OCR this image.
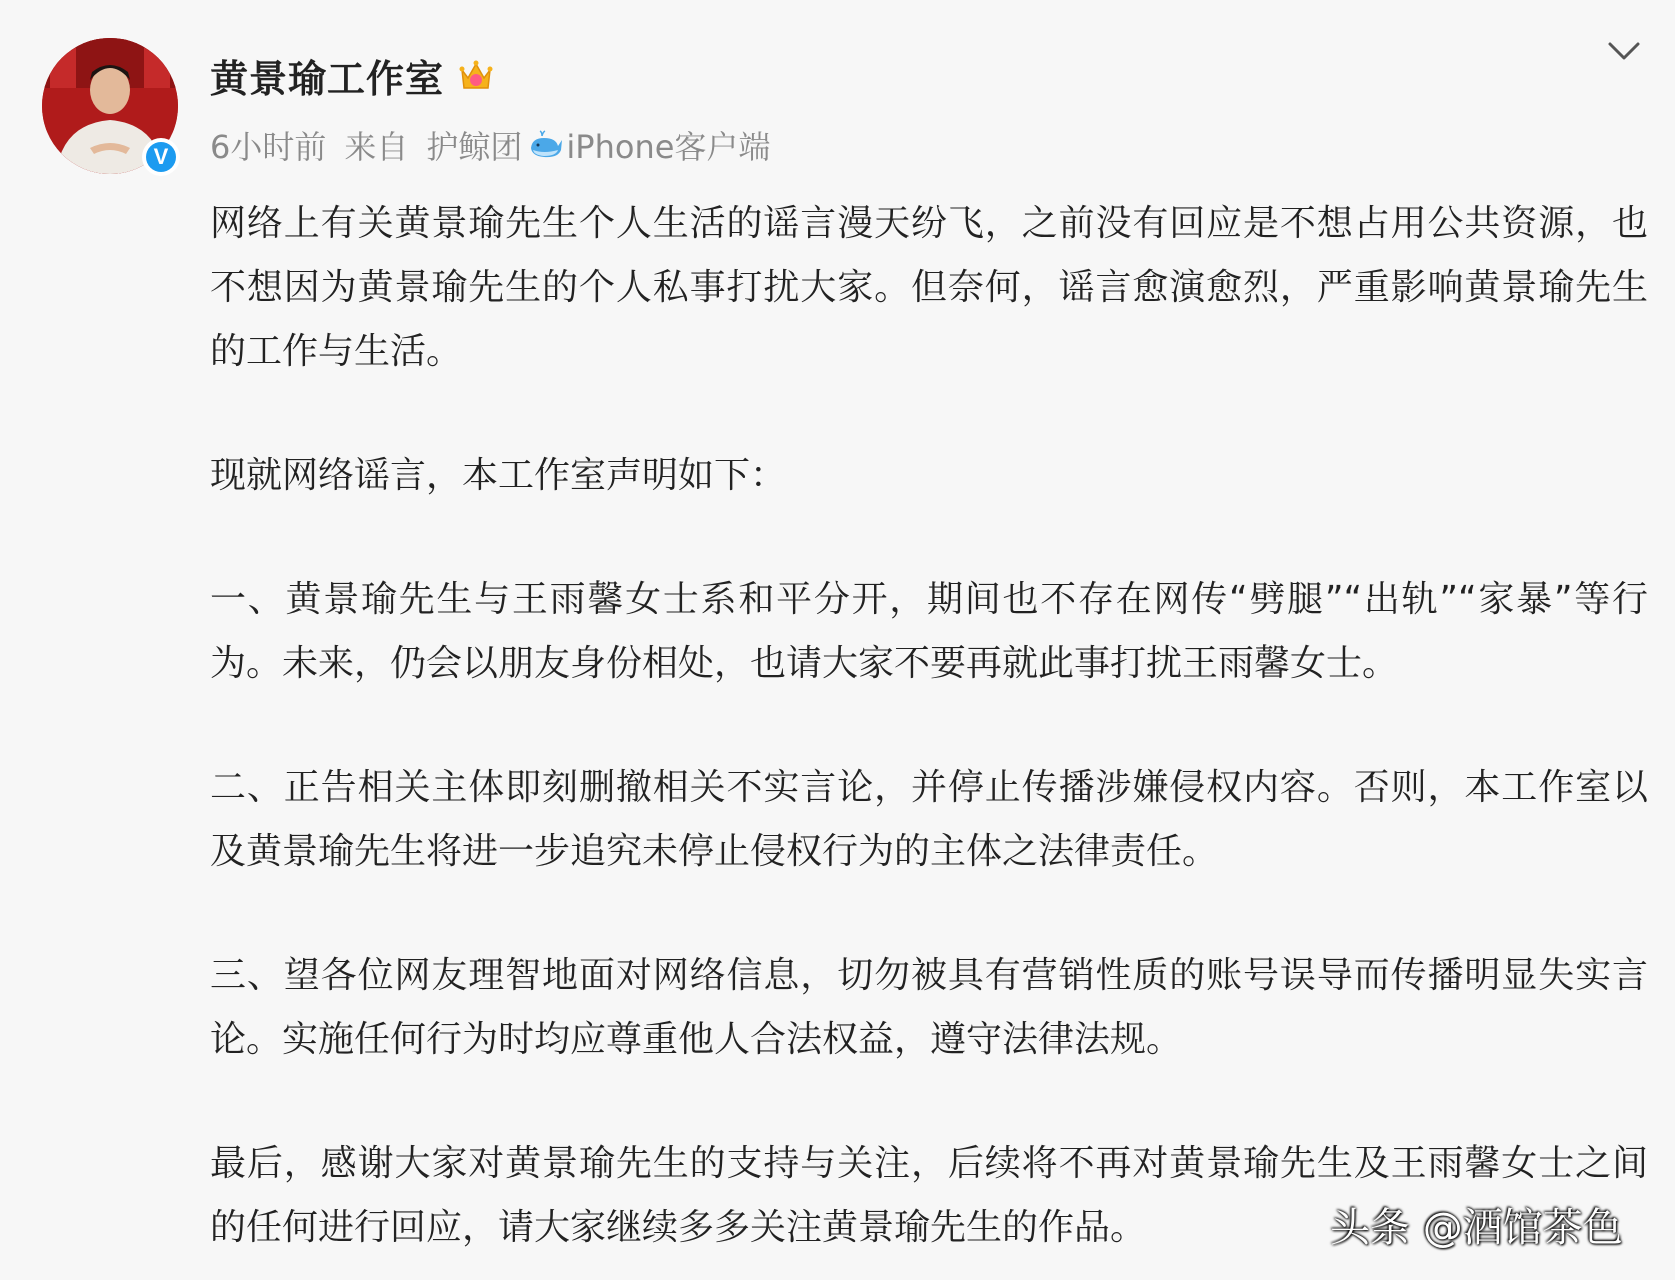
V
黄景瑜工作室
6小时前 来自 护鲸团 iPhone客户端

网络上有关黄景瑜先生个人生活的谣言漫天纷飞，之前没有回应是不想占用公共资源，也不想因为黄景瑜先生的个人私事打扰大家。但奈何，谣言愈演愈烈，严重影响黄景瑜先生的工作与生活。

现就网络谣言，本工作室声明如下：

一、黄景瑜先生与王雨馨女士系和平分开，期间也不存在网传“劈腿”“出轨”“家暴”等行为。未来，仍会以朋友身份相处，也请大家不要再就此事打扰王雨馨女士。

二、正告相关主体即刻删撤相关不实言论，并停止传播涉嫌侵权内容。否则，本工作室以及黄景瑜先生将进一步追究未停止侵权行为的主体之法律责任。

三、望各位网友理智地面对网络信息，切勿被具有营销性质的账号误导而传播明显失实言论。实施任何行为时均应尊重他人合法权益，遵守法律法规。

最后，感谢大家对黄景瑜先生的支持与关注，后续将不再对黄景瑜先生及王雨馨女士之间的任何进行回应，请大家继续多多关注黄景瑜先生的作品。	头条 @酒馆茶色
